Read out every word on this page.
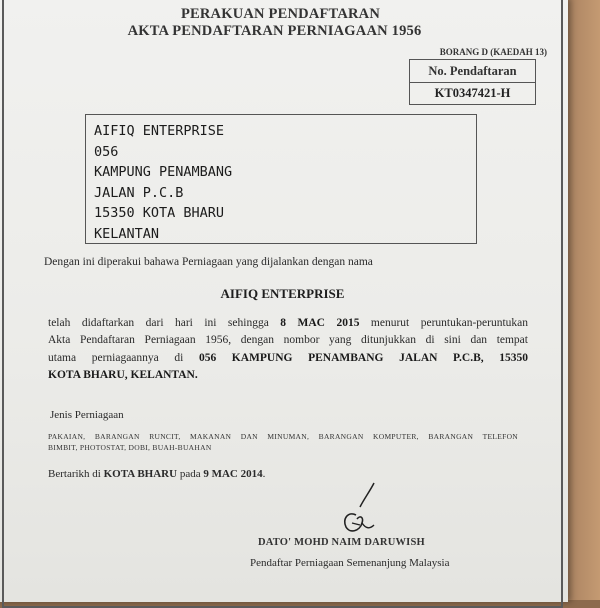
PERAKUAN PENDAFTARAN
AKTA PENDAFTARAN PERNIAGAAN 1956
BORANG D (KAEDAH 13)
No. Pendaftaran
KT0347421-H
AIFIQ ENTERPRISE
056
KAMPUNG PENAMBANG
JALAN P.C.B
15350 KOTA BHARU
KELANTAN
Dengan ini diperakui bahawa Perniagaan yang dijalankan dengan nama
AIFIQ ENTERPRISE
telah didaftarkan dari hari ini sehingga 8 MAC 2015 menurut peruntukan-peruntukan
Akta Pendaftaran Perniagaan 1956, dengan nombor yang ditunjukkan di sini dan tempat
utama perniagaannya di 056 KAMPUNG PENAMBANG JALAN P.C.B, 15350
KOTA BHARU, KELANTAN.
Jenis Perniagaan
PAKAIAN, BARANGAN RUNCIT, MAKANAN DAN MINUMAN, BARANGAN KOMPUTER, BARANGAN TELEFON
BIMBIT, PHOTOSTAT, DOBI, BUAH-BUAHAN
Bertarikh di KOTA BHARU pada 9 MAC 2014.
DATO' MOHD NAIM DARUWISH
Pendaftar Perniagaan Semenanjung Malaysia
